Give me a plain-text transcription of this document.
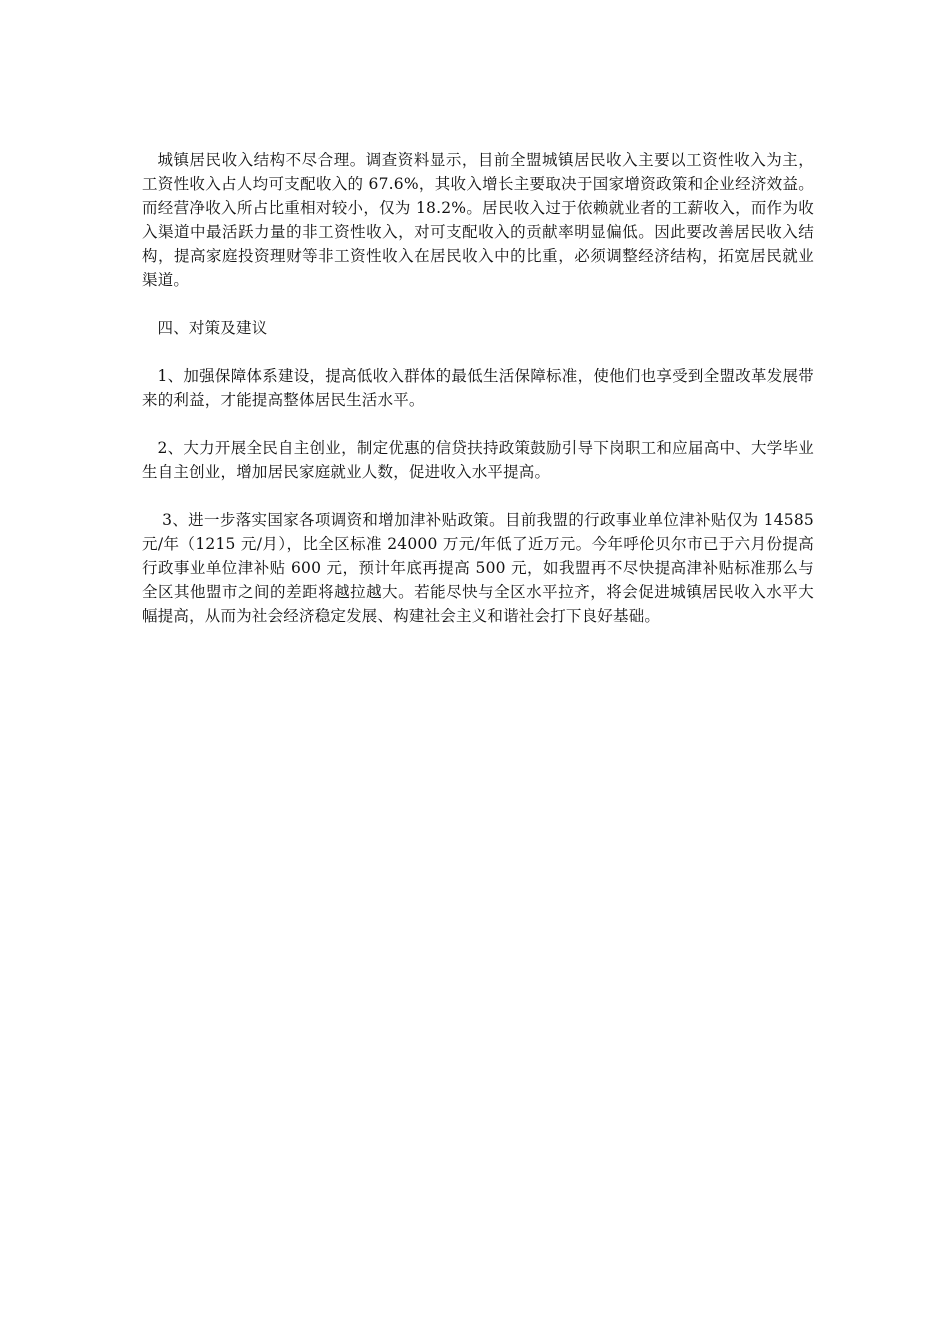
城镇居民收入结构不尽合理。调查资料显示，目前全盟城镇居民收入主要以工资性收入为主，工资性收入占人均可支配收入的 67.6%，其收入增长主要取决于国家增资政策和企业经济效益。而经营净收入所占比重相对较小，仅为 18.2%。居民收入过于依赖就业者的工薪收入，而作为收入渠道中最活跃力量的非工资性收入，对可支配收入的贡献率明显偏低。因此要改善居民收入结构，提高家庭投资理财等非工资性收入在居民收入中的比重，必须调整经济结构，拓宽居民就业渠道。

四、对策及建议

1、加强保障体系建设，提高低收入群体的最低生活保障标准，使他们也享受到全盟改革发展带来的利益，才能提高整体居民生活水平。

2、大力开展全民自主创业，制定优惠的信贷扶持政策鼓励引导下岗职工和应届高中、大学毕业生自主创业，增加居民家庭就业人数，促进收入水平提高。

3、进一步落实国家各项调资和增加津补贴政策。目前我盟的行政事业单位津补贴仅为 14585 元/年（1215 元/月），比全区标准 24000 万元/年低了近万元。今年呼伦贝尔市已于六月份提高行政事业单位津补贴 600 元，预计年底再提高 500 元，如我盟再不尽快提高津补贴标准那么与全区其他盟市之间的差距将越拉越大。若能尽快与全区水平拉齐，将会促进城镇居民收入水平大幅提高，从而为社会经济稳定发展、构建社会主义和谐社会打下良好基础。
